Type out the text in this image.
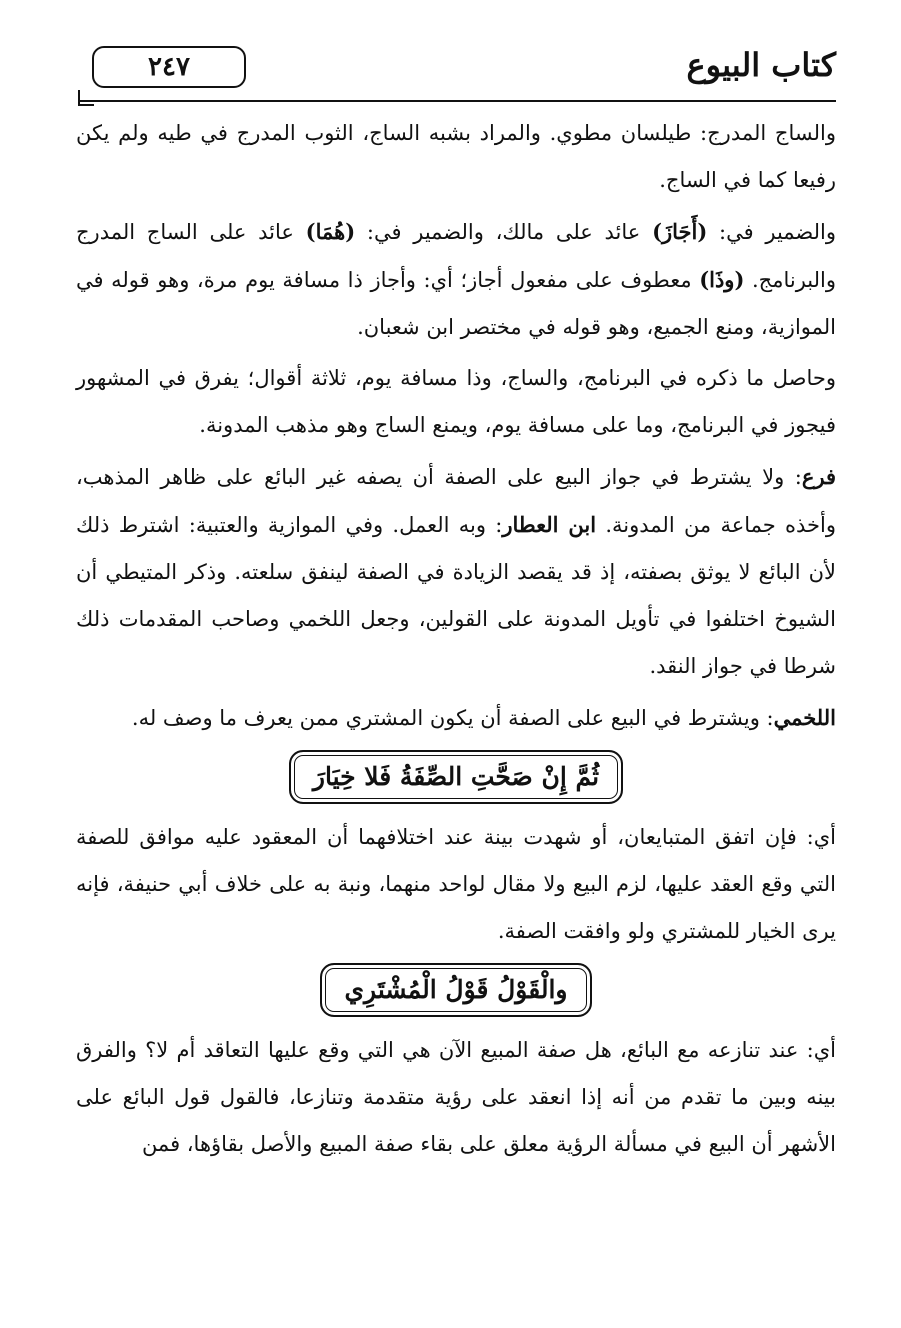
كتاب البيوع
٢٤٧

والساج المدرج: طيلسان مطوي. والمراد بشبه الساج، الثوب المدرج في طيه ولم يكن رفيعا كما في الساج.

والضمير في: (أَجَازَ) عائد على مالك، والضمير في: (هُمَا) عائد على الساج المدرج والبرنامج. (وذَا) معطوف على مفعول أجاز؛ أي: وأجاز ذا مسافة يوم مرة، وهو قوله في الموازية، ومنع الجميع، وهو قوله في مختصر ابن شعبان.

وحاصل ما ذكره في البرنامج، والساج، وذا مسافة يوم، ثلاثة أقوال؛ يفرق في المشهور فيجوز في البرنامج، وما على مسافة يوم، ويمنع الساج وهو مذهب المدونة.

فرع: ولا يشترط في جواز البيع على الصفة أن يصفه غير البائع على ظاهر المذهب، وأخذه جماعة من المدونة. ابن العطار: وبه العمل. وفي الموازية والعتبية: اشترط ذلك لأن البائع لا يوثق بصفته، إذ قد يقصد الزيادة في الصفة لينفق سلعته. وذكر المتيطي أن الشيوخ اختلفوا في تأويل المدونة على القولين، وجعل اللخمي وصاحب المقدمات ذلك شرطا في جواز النقد.

اللخمي: ويشترط في البيع على الصفة أن يكون المشتري ممن يعرف ما وصف له.

ثُمَّ إِنْ صَحَّتِ الصِّفَةُ فَلا خِيَارَ

أي: فإن اتفق المتبايعان، أو شهدت بينة عند اختلافهما أن المعقود عليه موافق للصفة التي وقع العقد عليها، لزم البيع ولا مقال لواحد منهما، ونبة به على خلاف أبي حنيفة، فإنه يرى الخيار للمشتري ولو وافقت الصفة.

والْقَوْلُ قَوْلُ الْمُشْتَرِي

أي: عند تنازعه مع البائع، هل صفة المبيع الآن هي التي وقع عليها التعاقد أم لا؟ والفرق بينه وبين ما تقدم من أنه إذا انعقد على رؤية متقدمة وتنازعا، فالقول قول البائع على الأشهر أن البيع في مسألة الرؤية معلق على بقاء صفة المبيع والأصل بقاؤها، فمن
